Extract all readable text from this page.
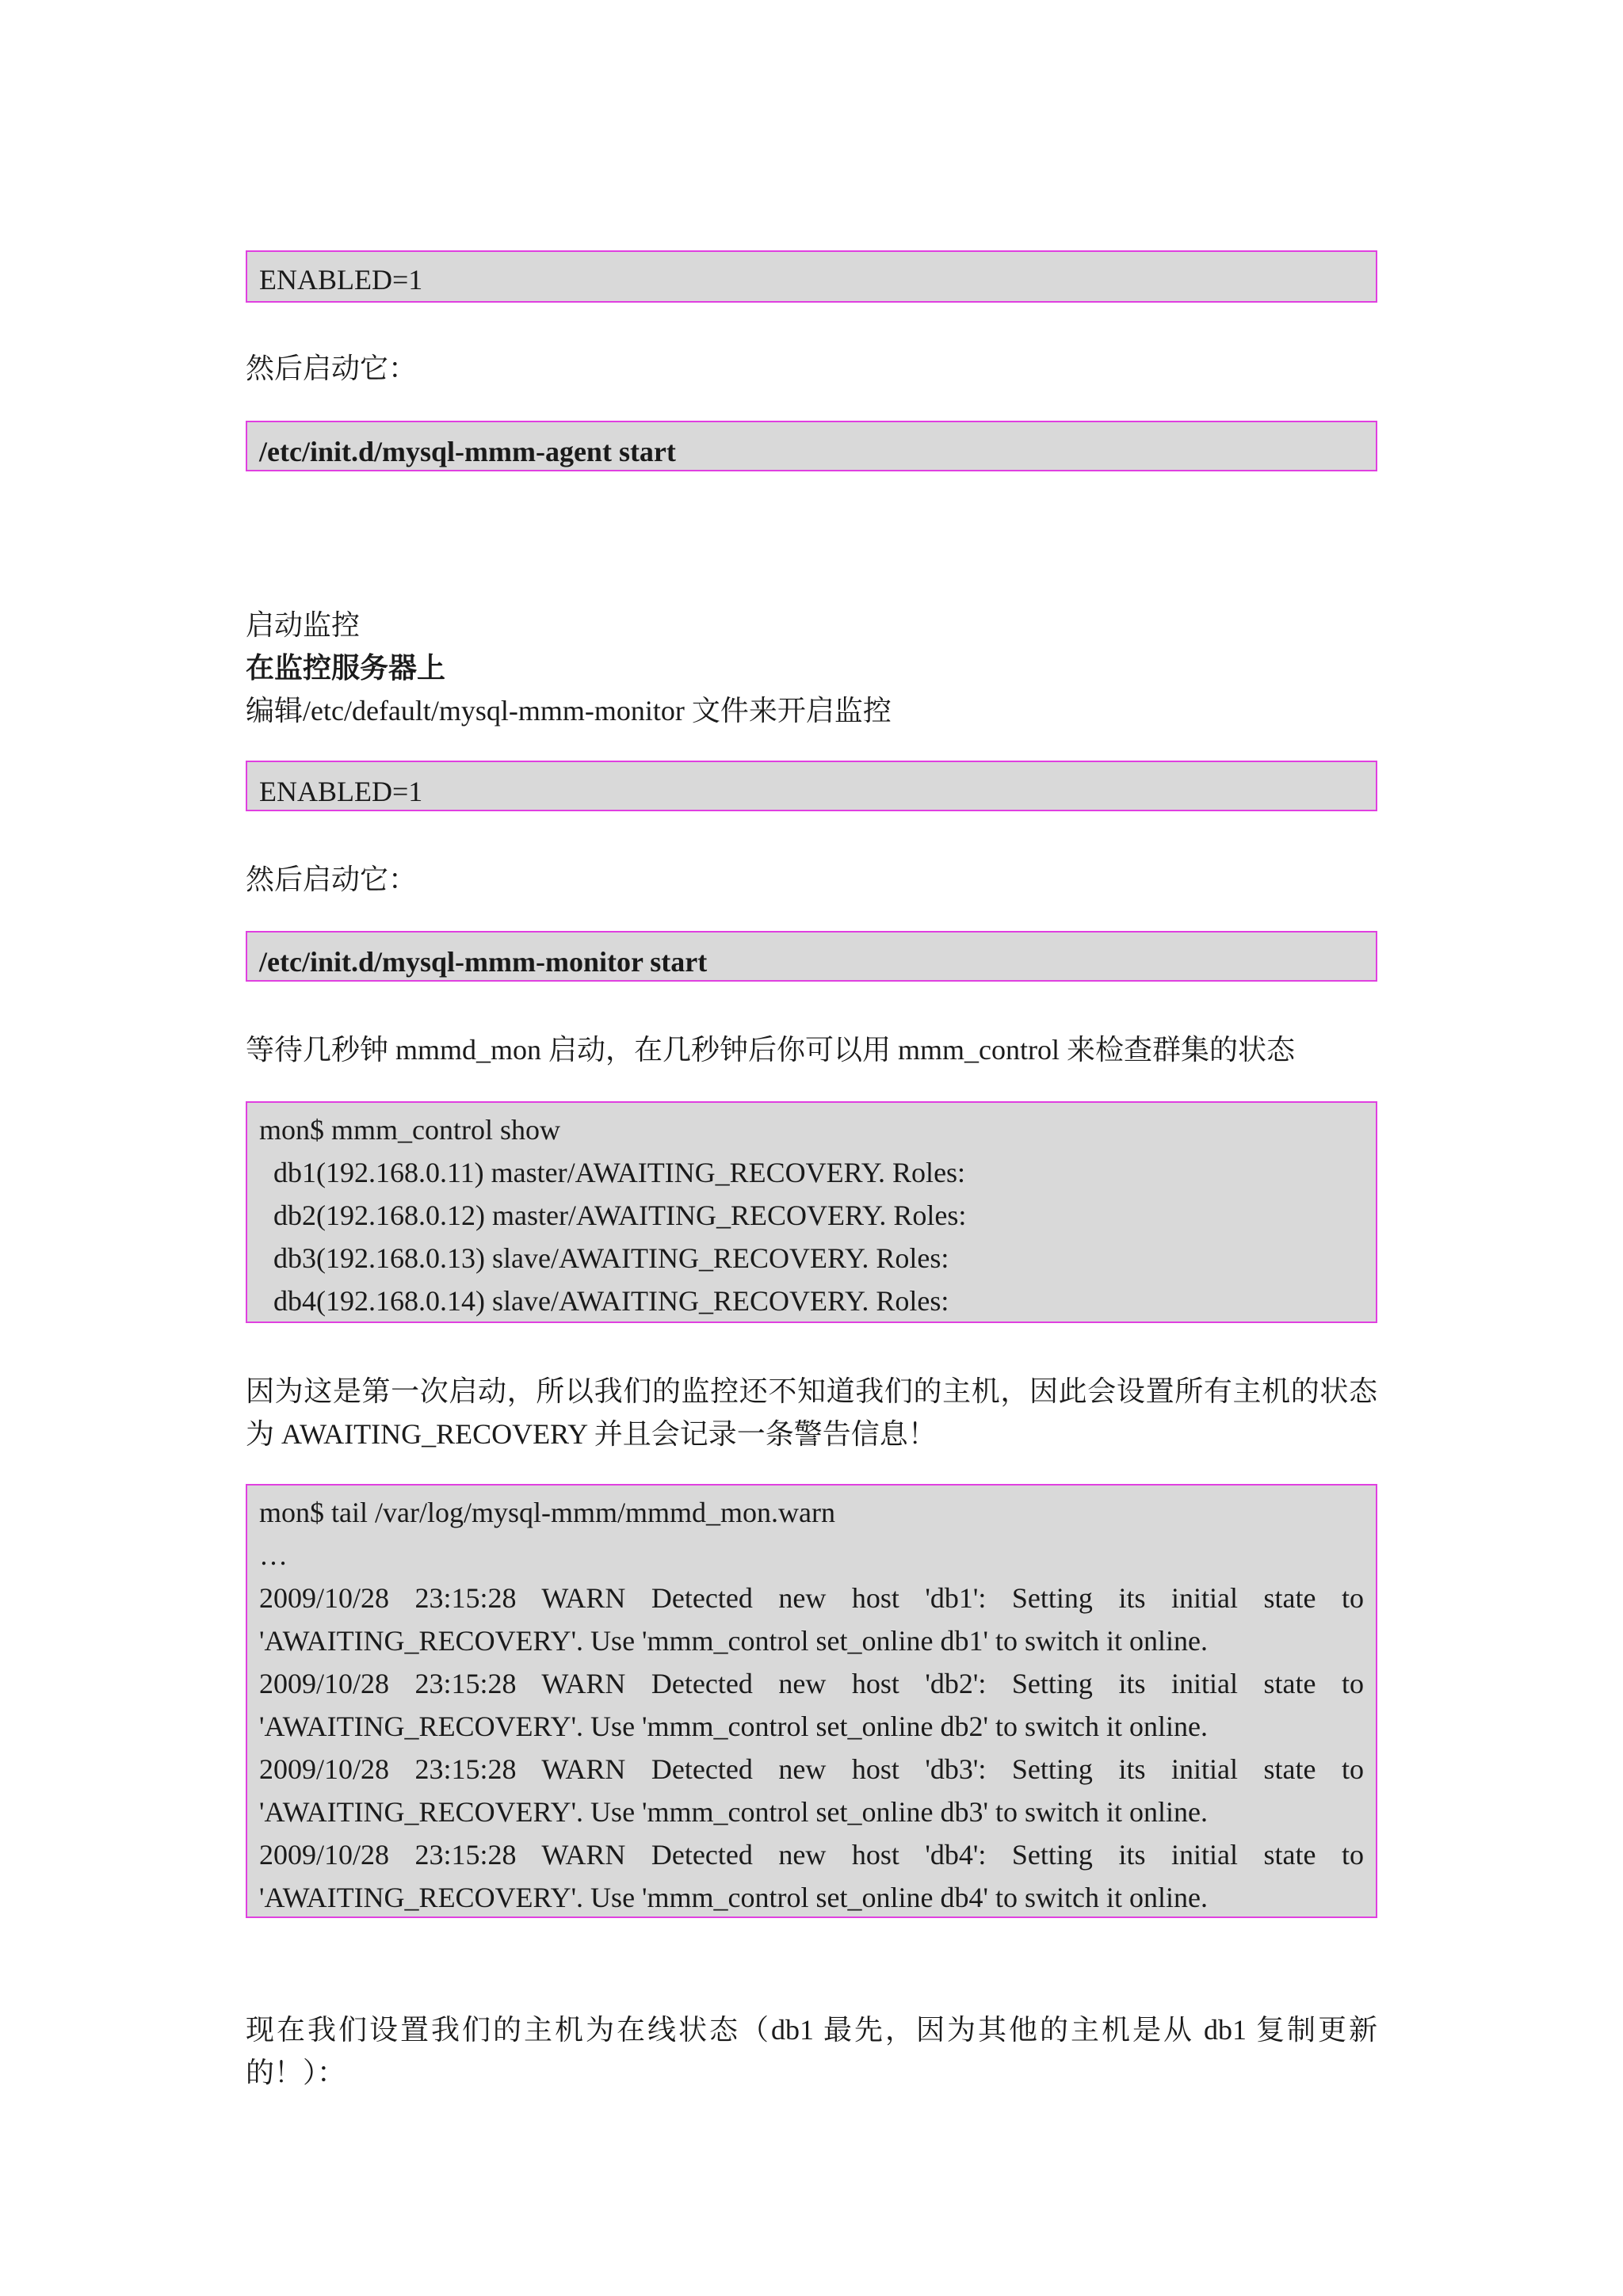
ENABLED=1
然后启动它：
/etc/init.d/mysql-mmm-agent start
启动监控
在监控服务器上
编辑/etc/default/mysql-mmm-monitor 文件来开启监控
ENABLED=1
然后启动它：
/etc/init.d/mysql-mmm-monitor start
等待几秒钟 mmmd_mon 启动，在几秒钟后你可以用 mmm_control 来检查群集的状态
mon$ mmm_control show
db1(192.168.0.11) master/AWAITING_RECOVERY. Roles:
db2(192.168.0.12) master/AWAITING_RECOVERY. Roles:
db3(192.168.0.13) slave/AWAITING_RECOVERY. Roles:
db4(192.168.0.14) slave/AWAITING_RECOVERY. Roles:
因为这是第一次启动，所以我们的监控还不知道我们的主机，因此会设置所有主机的状态
为 AWAITING_RECOVERY 并且会记录一条警告信息！
mon$ tail /var/log/mysql-mmm/mmmd_mon.warn
…
2009/10/28 23:15:28 WARN Detected new host 'db1': Setting its initial state to
'AWAITING_RECOVERY'. Use 'mmm_control set_online db1' to switch it online.
2009/10/28 23:15:28 WARN Detected new host 'db2': Setting its initial state to
'AWAITING_RECOVERY'. Use 'mmm_control set_online db2' to switch it online.
2009/10/28 23:15:28 WARN Detected new host 'db3': Setting its initial state to
'AWAITING_RECOVERY'. Use 'mmm_control set_online db3' to switch it online.
2009/10/28 23:15:28 WARN Detected new host 'db4': Setting its initial state to
'AWAITING_RECOVERY'. Use 'mmm_control set_online db4' to switch it online.
现在我们设置我们的主机为在线状态（db1 最先，因为其他的主机是从 db1 复制更新
的！）：
